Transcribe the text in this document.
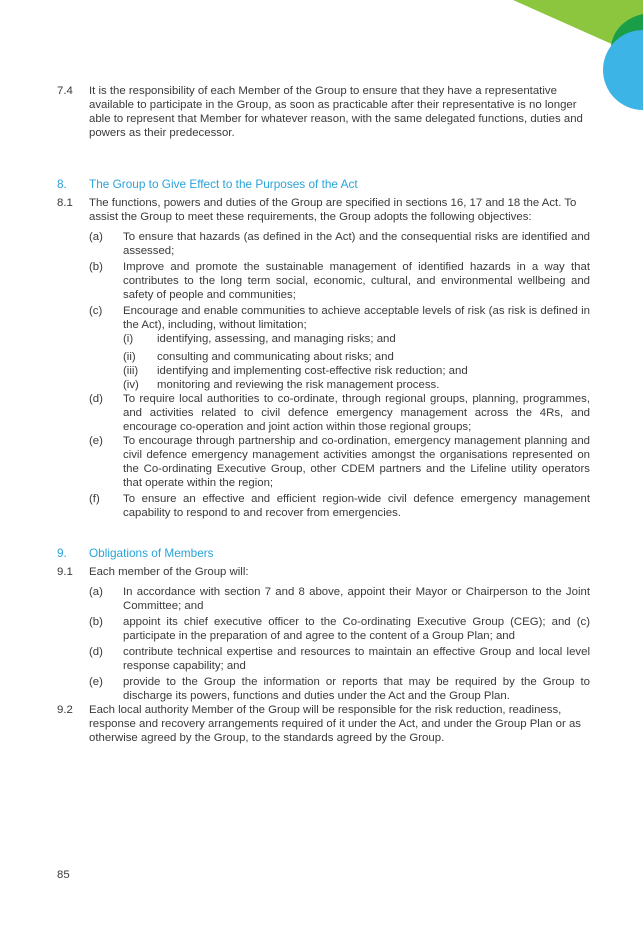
7.4	It is the responsibility of each Member of the Group to ensure that they have a representative available to participate in the Group, as soon as practicable after their representative is no longer able to represent that Member for whatever reason, with the same delegated functions, duties and powers as their predecessor.
8.	The Group to Give Effect to the Purposes of the Act
8.1	The functions, powers and duties of the Group are specified in sections 16, 17 and 18 the Act. To assist the Group to meet these requirements, the Group adopts the following objectives:
(a)	To ensure that hazards (as defined in the Act) and the consequential risks are identified and assessed;
(b)	Improve and promote the sustainable management of identified hazards in a way that contributes to the long term social, economic, cultural, and environmental wellbeing and safety of people and communities;
(c)	Encourage and enable communities to achieve acceptable levels of risk (as risk is defined in the Act), including, without limitation;
(i)	identifying, assessing, and managing risks; and
(ii)	consulting and communicating about risks; and
(iii)	identifying and implementing cost-effective risk reduction; and
(iv)	monitoring and reviewing the risk management process.
(d)	To require local authorities to co-ordinate, through regional groups, planning, programmes, and activities related to civil defence emergency management across the 4Rs, and encourage co-operation and joint action within those regional groups;
(e)	To encourage through partnership and co-ordination, emergency management planning and civil defence emergency management activities amongst the organisations represented on the Co-ordinating Executive Group, other CDEM partners and the Lifeline utility operators that operate within the region;
(f)	To ensure an effective and efficient region-wide civil defence emergency management capability to respond to and recover from emergencies.
9.	Obligations of Members
9.1	Each member of the Group will:
(a)	In accordance with section 7 and 8 above, appoint their Mayor or Chairperson to the Joint Committee; and
(b)	appoint its chief executive officer to the Co-ordinating Executive Group (CEG); and (c) participate in the preparation of and agree to the content of a Group Plan; and
(d)	contribute technical expertise and resources to maintain an effective Group and local level response capability; and
(e)	provide to the Group the information or reports that may be required by the Group to discharge its powers, functions and duties under the Act and the Group Plan.
9.2	Each local authority Member of the Group will be responsible for the risk reduction, readiness, response and recovery arrangements required of it under the Act, and under the Group Plan or as otherwise agreed by the Group, to the standards agreed by the Group.
85
